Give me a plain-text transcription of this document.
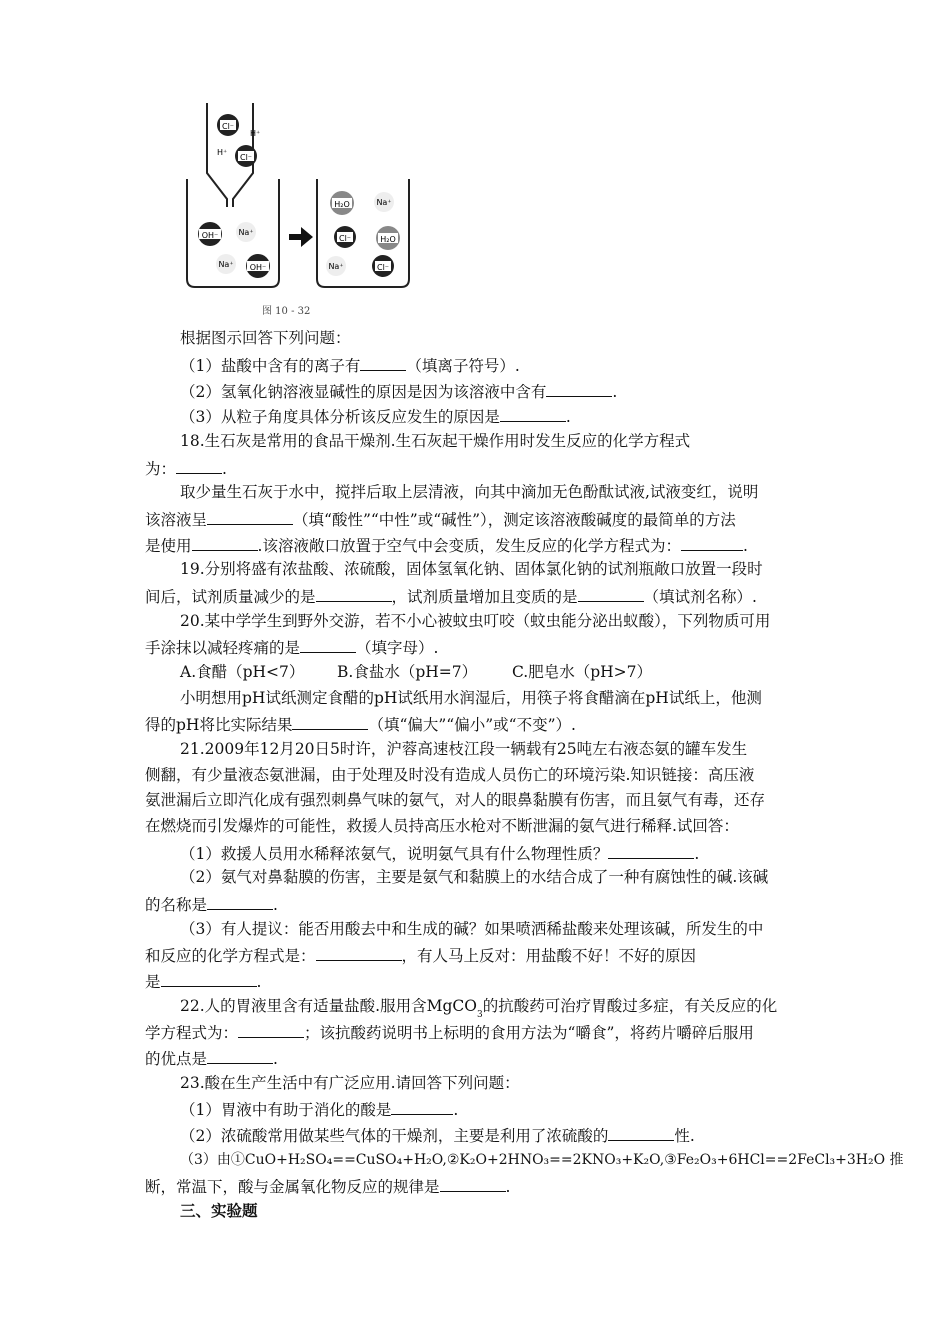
Cl⁻
H⁺
H⁺
Cl⁻
OH⁻	Na⁺
Na⁺ OH⁻
H₂O	Na⁺
Cl⁻	H₂O
Na⁺	Cl⁻
图 10 - 32
根据图示回答下列问题：
（1）盐酸中含有的离子有	（填离子符号）.
（2）氢氧化钠溶液显碱性的原因是因为该溶液中含有	.
（3）从粒子角度具体分析该反应发生的原因是	.
18.生石灰是常用的食品干燥剂.生石灰起干燥作用时发生反应的化学方程式
为：	.
取少量生石灰于水中，搅拌后取上层清液，向其中滴加无色酚酞试液,试液变红，说明
该溶液呈	（填“酸性”“中性”或“碱性”），测定该溶液酸碱度的最简单的方法
是使用	.该溶液敞口放置于空气中会变质，发生反应的化学方程式为：	.
19.分别将盛有浓盐酸、浓硫酸，固体氢氧化钠、固体氯化钠的试剂瓶敞口放置一段时
间后，试剂质量减少的是	，试剂质量增加且变质的是	（填试剂名称）.
20.某中学学生到野外交游，若不小心被蚊虫叮咬（蚊虫能分泌出蚁酸），下列物质可用
手涂抹以减轻疼痛的是	（填字母）.
A.食醋（pH<7） B.食盐水（pH=7） C.肥皂水（pH>7）
小明想用pH试纸测定食醋的pH试纸用水润湿后，用筷子将食醋滴在pH试纸上，他测
得的pH将比实际结果	（填“偏大”“偏小”或“不变”）.
21.2009年12月20日5时许，沪蓉高速枝江段一辆载有25吨左右液态氨的罐车发生
侧翻，有少量液态氨泄漏，由于处理及时没有造成人员伤亡的环境污染.知识链接：高压液
氨泄漏后立即汽化成有强烈刺鼻气味的氨气，对人的眼鼻黏膜有伤害，而且氨气有毒，还存
在燃烧而引发爆炸的可能性，救援人员持高压水枪对不断泄漏的氨气进行稀释.试回答：
（1）救援人员用水稀释浓氨气，说明氨气具有什么物理性质？	.
（2）氨气对鼻黏膜的伤害，主要是氨气和黏膜上的水结合成了一种有腐蚀性的碱.该碱
的名称是	.
（3）有人提议：能否用酸去中和生成的碱？如果喷洒稀盐酸来处理该碱，所发生的中
和反应的化学方程式是：	，有人马上反对：用盐酸不好！不好的原因
是	.
22.人的胃液里含有适量盐酸.服用含MgCO$_3$的抗酸药可治疗胃酸过多症，有关反应的化
学方程式为：	；该抗酸药说明书上标明的食用方法为“嚼食”，将药片嚼碎后服用
的优点是	.
23.酸在生产生活中有广泛应用.请回答下列问题：
（1）胃液中有助于消化的酸是	.
（2）浓硫酸常用做某些气体的干燥剂，主要是利用了浓硫酸的	性.
（3）由①CuO+H₂SO₄==CuSO₄+H₂O,②K₂O+2HNO₃==2KNO₃+K₂O,③Fe₂O₃+6HCl==2FeCl₃+3H₂O 推
断，常温下，酸与金属氧化物反应的规律是	.
三、实验题
